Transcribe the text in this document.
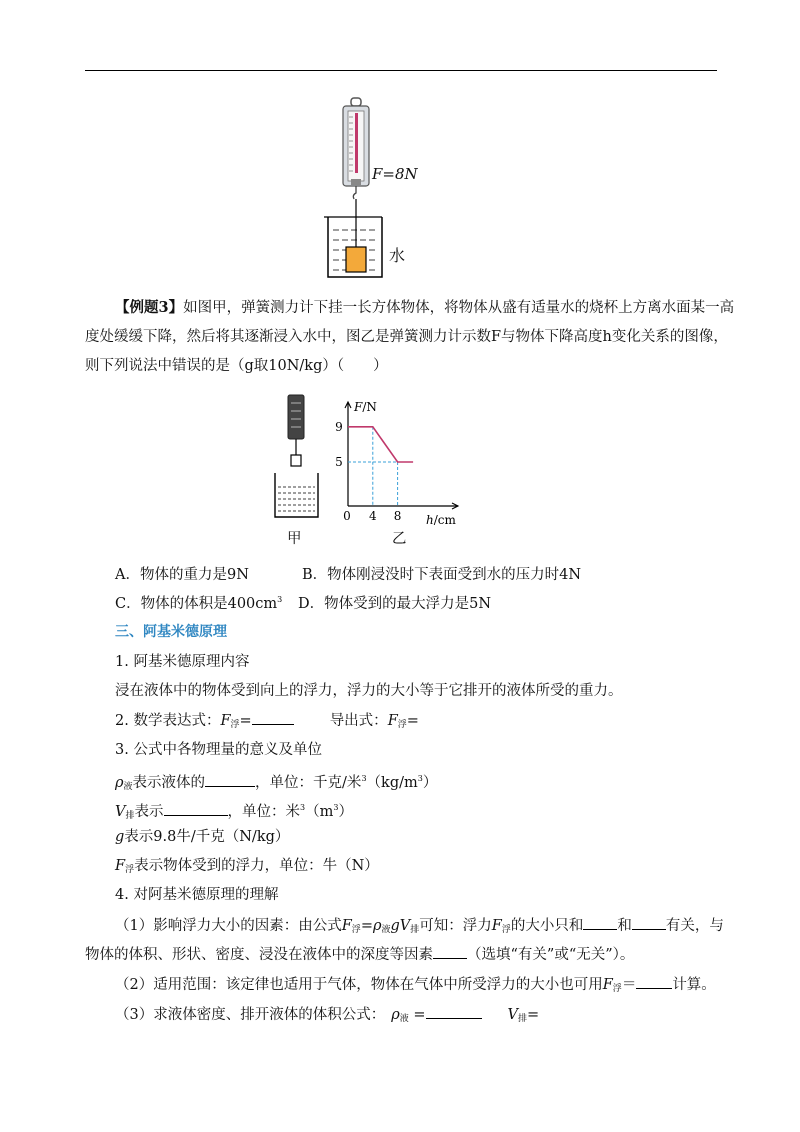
F=8N
水
【例题3】如图甲，弹簧测力计下挂一长方体物体，将物体从盛有适量水的烧杯上方离水面某一高
度处缓缓下降，然后将其逐渐浸入水中，图乙是弹簧测力计示数F与物体下降高度h变化关系的图像，
则下列说法中错误的是（g取10N/kg）（　　）
甲
F/N
h/cm
9
5
0 4 8
乙
A．物体的重力是9N	B．物体刚浸没时下表面受到水的压力时4N
C．物体的体积是$400cm^3$ D．物体受到的最大浮力是5N
三、阿基米德原理
1. 阿基米德原理内容
浸在液体中的物体受到向上的浮力，浮力的大小等于它排开的液体所受的重力。
2. 数学表达式：$F_浮=$	导出式：$F_浮=$
3. 公式中各物理量的意义及单位
$\rho_液$表示液体的	，单位：千克/米$^3(kg/m^3)$
$V_排$表示	，单位：米$^3(m^3)$
g表示9.8牛/千克（N/kg）
$F_浮$表示物体受到的浮力，单位：牛（N）
4. 对阿基米德原理的理解
（1）影响浮力大小的因素：由公式$F_浮=\rho_液gV_排$可知：浮力$F_浮$的大小只和 和 有关，与
物体的体积、形状、密度、浸没在液体中的深度等因素 （选填“有关”或“无关”）。
（2）适用范围：该定律也适用于气体，物体在气体中所受浮力的大小也可用$F_浮=$ 计算。
（3）求液体密度、排开液体的体积公式： $\rho_液$ =	$V_排=$
